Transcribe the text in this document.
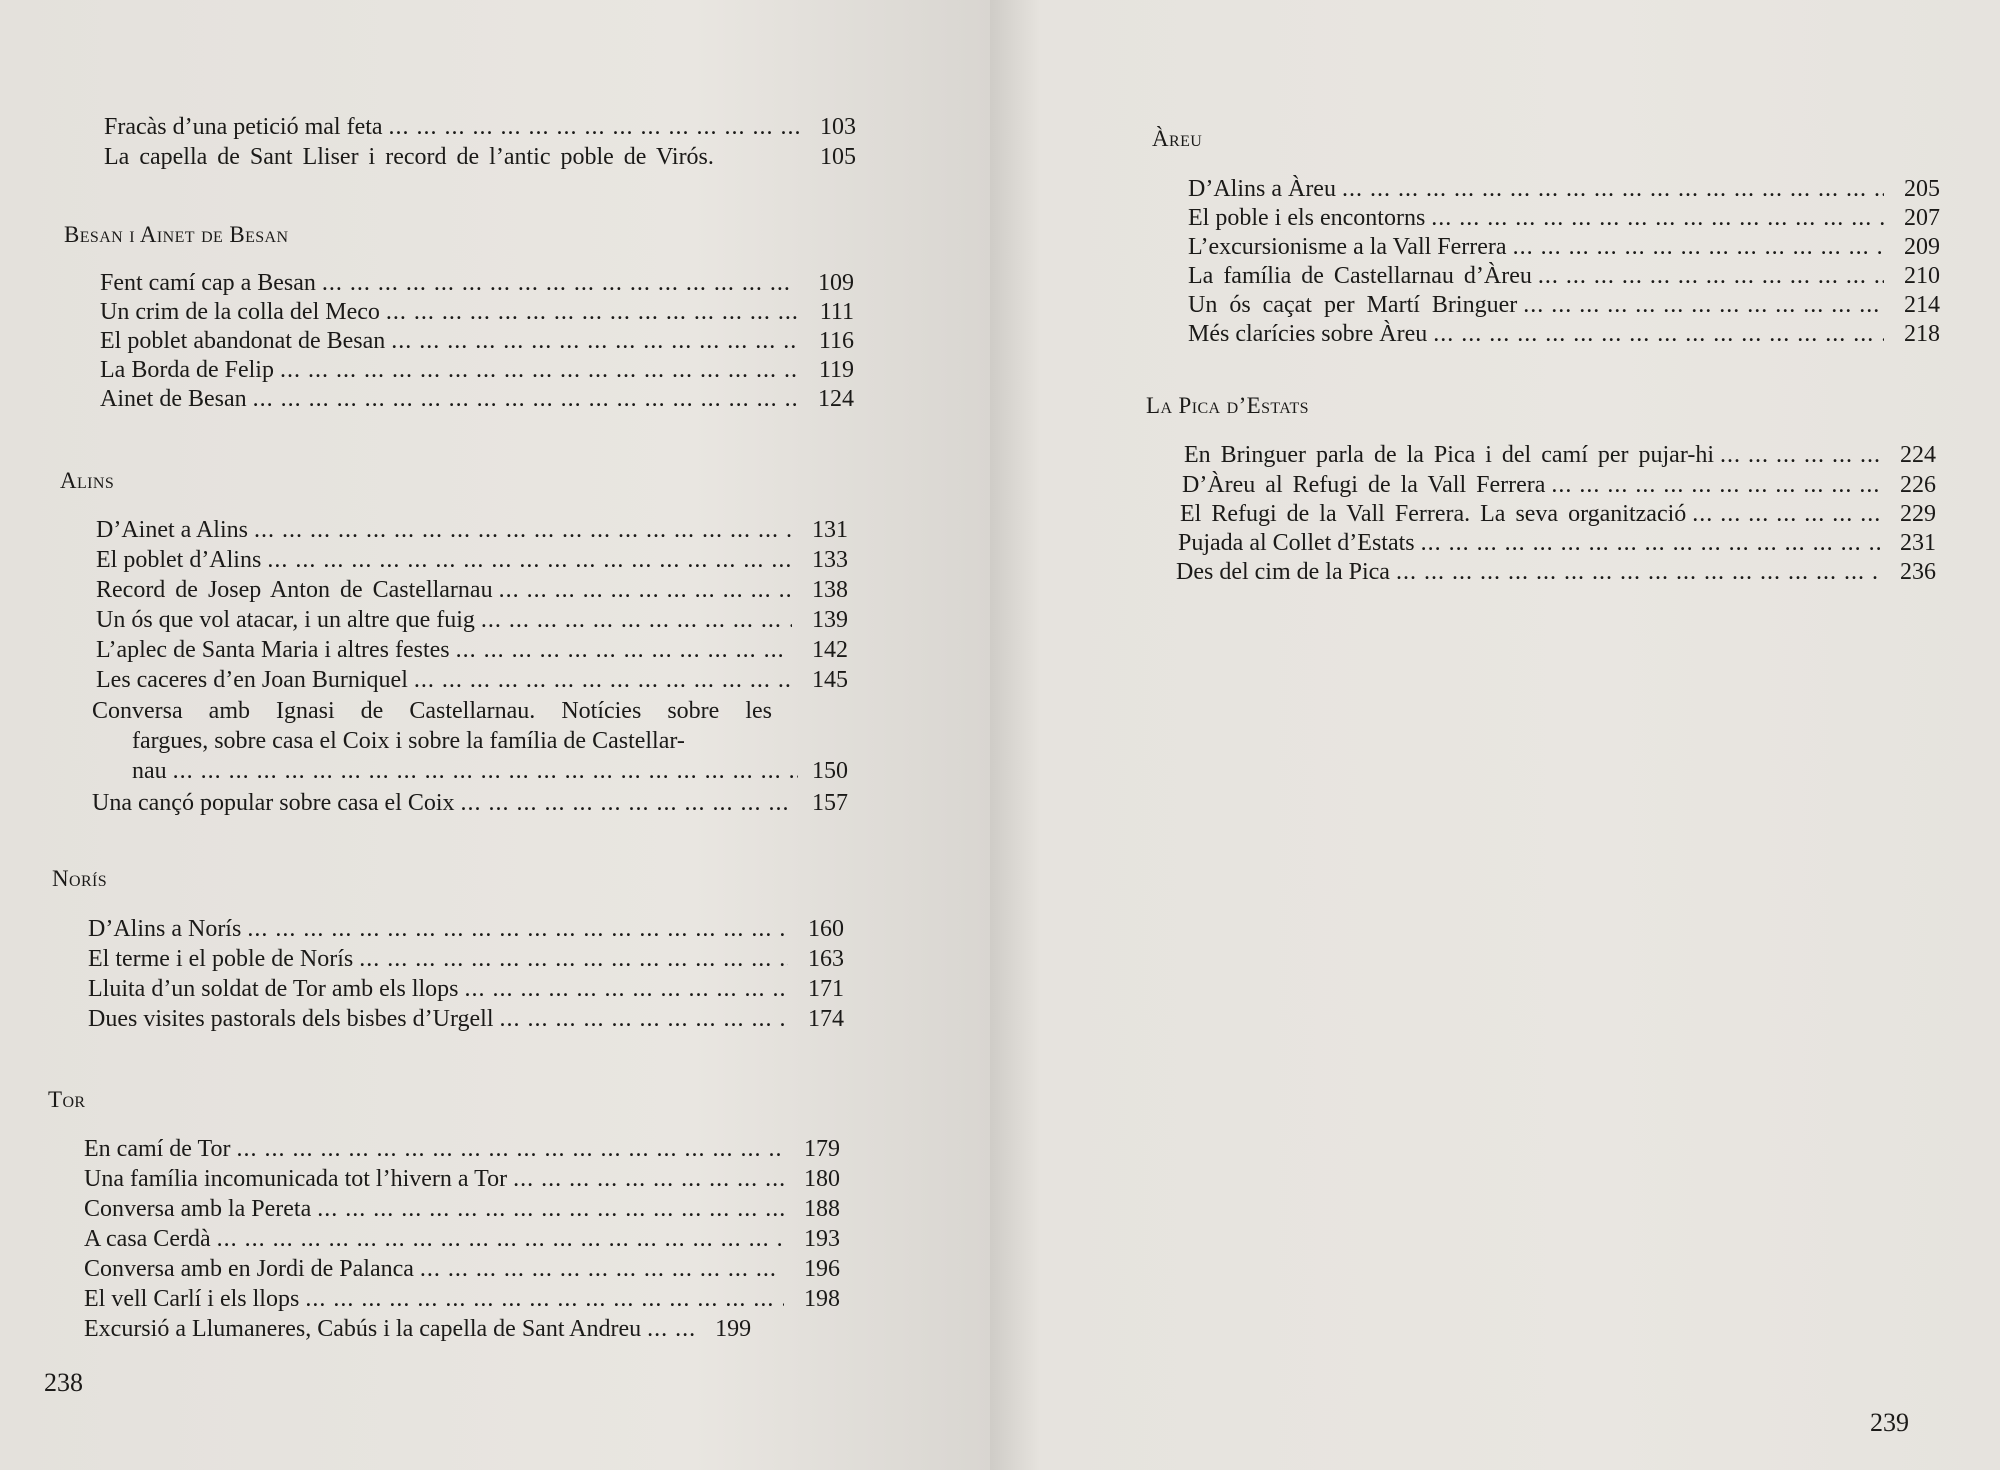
Fracàs d’una petició mal feta ... .	103
La capella de Sant Lliser i record de l’antic poble de Virós.	105
Besan i Ainet de Besan
Fent camí cap a Besan ... .	109
Un crim de la colla del Meco ... .	111
El poblet abandonat de Besan ... .	116
La Borda de Felip ... .	119
Ainet de Besan ... .	124
Alins
D’Ainet a Alins ... .	131
El poblet d’Alins ... .	133
Record de Josep Anton de Castellarnau ... .	138
Un ós que vol atacar, i un altre que fuig ... .	139
L’aplec de Santa Maria i altres festes ... .	142
Les caceres d’en Joan Burniquel ... .	145
Conversa amb Ignasi de Castellarnau. Notícies sobre les
fargues, sobre casa el Coix i sobre la família de Castellar-
nau ... .	150
Una cançó popular sobre casa el Coix ... .	157
Norís
D’Alins a Norís ... .	160
El terme i el poble de Norís ... .	163
Lluita d’un soldat de Tor amb els llops ... .	171
Dues visites pastorals dels bisbes d’Urgell ... .	174
Tor
En camí de Tor ... .	179
Una família incomunicada tot l’hivern a Tor ... .	180
Conversa amb la Pereta ... .	188
A casa Cerdà ... .	193
Conversa amb en Jordi de Palanca ... .	196
El vell Carlí i els llops ... .	198
Excursió a Llumaneres, Cabús i la capella de Sant Andreu ... .	199
238
Àreu
D’Alins a Àreu ... .	205
El poble i els encontorns ... .	207
L’excursionisme a la Vall Ferrera ... .	209
La família de Castellarnau d’Àreu ... .	210
Un ós caçat per Martí Bringuer ... .	214
Més clarícies sobre Àreu ... .	218
La Pica d’Estats
En Bringuer parla de la Pica i del camí per pujar-hi ... .	224
D’Àreu al Refugi de la Vall Ferrera ... .	226
El Refugi de la Vall Ferrera. La seva organització ... .	229
Pujada al Collet d’Estats ... .	231
Des del cim de la Pica ... .	236
239
